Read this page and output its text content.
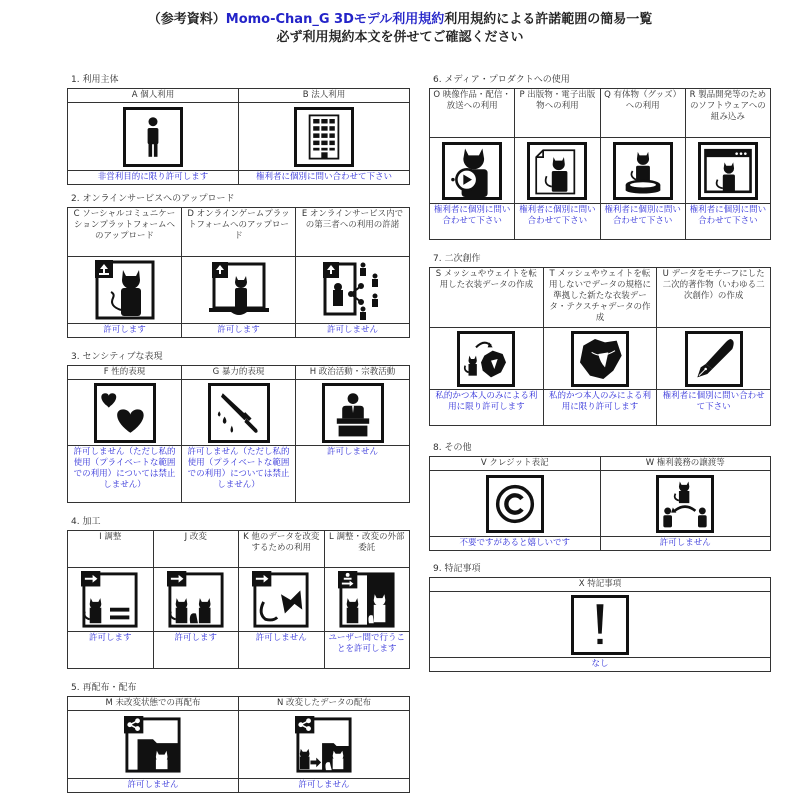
（参考資料）Momo-Chan_G 3Dモデル利用規約利用規約による許諾範囲の簡易一覧
必ず利用規約本文を併せてご確認ください
1. 利用主体
A 個人利用	B 法人利用

非営利目的に限り許可します	権利者に個別に問い合わせて下さい
2. オンラインサービスへのアップロード
C ソーシャルコミュニケーションプラットフォームへのアップロード	D オンラインゲームプラットフォームへのアップロード	E オンラインサービス内での第三者への利用の許諾

許可します	許可します	許可しません
3. センシティブな表現
F 性的表現	G 暴力的表現	H 政治活動・宗教活動

許可しません（ただし私的使用（プライベートな範囲での利用）については禁止しません）	許可しません（ただし私的使用（プライベートな範囲での利用）については禁止しません）	許可しません
4. 加工
I 調整	J 改変	K 他のデータを改変するための利用	L 調整・改変の外部委託

許可します	許可します	許可しません	ユーザー間で行うことを許可します
5. 再配布・配布
M 未改変状態での再配布	N 改変したデータの配布

許可しません	許可しません
6. メディア・プロダクトへの使用
O 映像作品・配信・放送への利用	P 出版物・電子出版物への利用	Q 有体物（グッズ）への利用	R 製品開発等のためのソフトウェアへの組み込み

権利者に個別に問い合わせて下さい	権利者に個別に問い合わせて下さい	権利者に個別に問い合わせて下さい	権利者に個別に問い合わせて下さい
7. 二次創作
S メッシュやウェイトを転用した衣装データの作成	T メッシュやウェイトを転用しないでデータの規格に準拠した新たな衣装データ・テクスチャデータの作成	U データをモチーフにした二次的著作物（いわゆる二次創作）の作成

私的かつ本人のみによる利用に限り許可します	私的かつ本人のみによる利用に限り許可します	権利者に個別に問い合わせて下さい
8. その他
V クレジット表記	W 権利義務の譲渡等

不要ですがあると嬉しいです	許可しません
9. 特記事項
X 特記事項

なし
